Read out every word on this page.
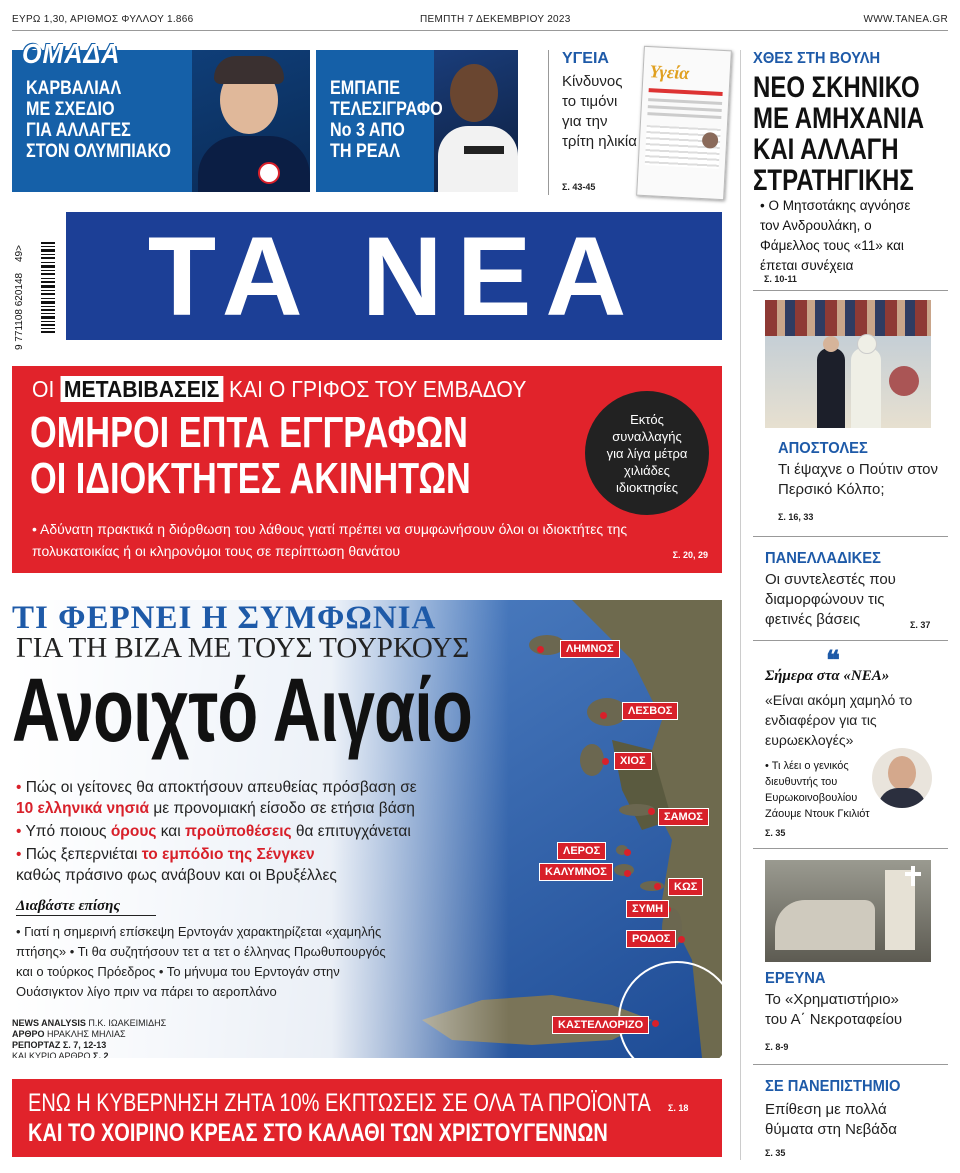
ΕΥΡΩ 1,30, ΑΡΙΘΜΟΣ ΦΥΛΛΟΥ 1.866	ΠΕΜΠΤΗ 7 ΔΕΚΕΜΒΡΙΟΥ 2023	WWW.TANEA.GR
ΚΑΡΒΑΛΙΑΛ
ΜΕ ΣΧΕΔΙΟ
ΓΙΑ ΑΛΛΑΓΕΣ
ΣΤΟΝ ΟΛΥΜΠΙΑΚΟ
ΟΜΑΔΑ
ΕΜΠΑΠΕ
ΤΕΛΕΣΙΓΡΑΦΟ
Νο 3 ΑΠΟ
ΤΗ ΡΕΑΛ
ΥΓΕΙΑ
Κίνδυνος
το τιμόνι
για την
τρίτη ηλικία
Σ. 43-45
Υγεία
49>
9 771108 620148	ΤΑ ΝΕΑ
ΟΙ ΜΕΤΑΒΙΒΑΣΕΙΣ ΚΑΙ Ο ΓΡΙΦΟΣ ΤΟΥ ΕΜΒΑΔΟΥ
ΟΜΗΡΟΙ ΕΠΤΑ ΕΓΓΡΑΦΩΝ
ΟΙ ΙΔΙΟΚΤΗΤΕΣ ΑΚΙΝΗΤΩΝ
Εκτός
συναλλαγής
για λίγα μέτρα
χιλιάδες
ιδιοκτησίες
• Αδύνατη πρακτικά η διόρθωση του λάθους γιατί πρέπει να συμφωνήσουν όλοι οι ιδιοκτήτες της πολυκατοικίας ή οι κληρονόμοι τους σε περίπτωση θανάτου	Σ. 20, 29
ΤΙ ΦΕΡΝΕΙ Η ΣΥΜΦΩΝΙΑ
ΓΙΑ ΤΗ ΒΙΖΑ ΜΕ ΤΟΥΣ ΤΟΥΡΚΟΥΣ
Ανοιχτό Αιγαίο
• Πώς οι γείτονες θα αποκτήσουν απευθείας πρόσβαση σε
10 ελληνικά νησιά με προνομιακή είσοδο σε ετήσια βάση
• Υπό ποιους όρους και προϋποθέσεις θα επιτυγχάνεται
• Πώς ξεπερνιέται το εμπόδιο της Σένγκεν
καθώς πράσινο φως ανάβουν και οι Βρυξέλλες
Διαβάστε επίσης
• Γιατί η σημερινή επίσκεψη Ερντογάν χαρακτηρίζεται «χαμηλής πτήσης» • Τι θα συζητήσουν τετ α τετ ο έλληνας Πρωθυπουργός και ο τούρκος Πρόεδρος • Το μήνυμα του Ερντογάν στην Ουάσιγκτον λίγο πριν να πάρει το αεροπλάνο
NEWS ANALYSIS Π.Κ. ΙΩΑΚΕΙΜΙΔΗΣ
ΑΡΘΡΟ ΗΡΑΚΛΗΣ ΜΗΛΙΑΣ
ΡΕΠΟΡΤΑΖ Σ. 7, 12-13
ΚΑΙ ΚΥΡΙΟ ΑΡΘΡΟ Σ. 2
ΛΗΜΝΟΣ
ΛΕΣΒΟΣ
ΧΙΟΣ
ΣΑΜΟΣ
ΛΕΡΟΣ
ΚΑΛΥΜΝΟΣ
ΚΩΣ
ΣΥΜΗ
ΡΟΔΟΣ
ΚΑΣΤΕΛΛΟΡΙΖΟ
ΕΝΩ Η ΚΥΒΕΡΝΗΣΗ ΖΗΤΑ 10% ΕΚΠΤΩΣΕΙΣ ΣΕ ΟΛΑ ΤΑ ΠΡΟΪΟΝΤΑ
ΚΑΙ ΤΟ ΧΟΙΡΙΝΟ ΚΡΕΑΣ ΣΤΟ ΚΑΛΑΘΙ ΤΩΝ ΧΡΙΣΤΟΥΓΕΝΝΩΝ
Σ. 18
ΧΘΕΣ ΣΤΗ ΒΟΥΛΗ
ΝΕΟ ΣΚΗΝΙΚΟ
ΜΕ ΑΜΗΧΑΝΙΑ
ΚΑΙ ΑΛΛΑΓΗ
ΣΤΡΑΤΗΓΙΚΗΣ
• Ο Μητσοτάκης αγνόησε τον Ανδρουλάκη, ο Φάμελλος τους «11» και έπεται συνέχεια
Σ. 10-11
ΑΠΟΣΤΟΛΕΣ
Τι έψαχνε ο Πούτιν στον Περσικό Κόλπο;
Σ. 16, 33
ΠΑΝΕΛΛΑΔΙΚΕΣ
Οι συντελεστές που διαμορφώνουν τις φετινές βάσεις	Σ. 37
❝
Σήμερα στα «ΝΕΑ»
«Είναι ακόμη χαμηλό το ενδιαφέρον για τις ευρωεκλογές»
• Τι λέει ο γενικός διευθυντής του Ευρωκοινοβουλίου Ζάουμε Ντουκ Γκιλιότ
Σ. 35
ΕΡΕΥΝΑ
Το «Χρηματιστήριο» του Α΄ Νεκροταφείου
Σ. 8-9
ΣΕ ΠΑΝΕΠΙΣΤΗΜΙΟ
Επίθεση με πολλά θύματα στη Νεβάδα
Σ. 35
